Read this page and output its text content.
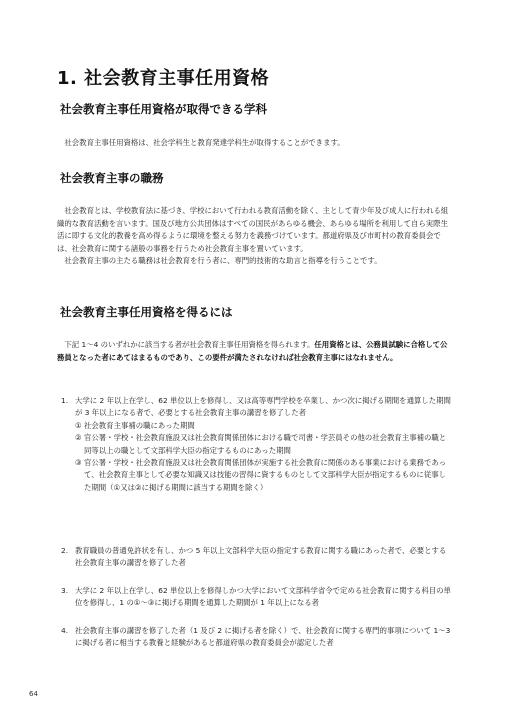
1. 社会教育主事任用資格
社会教育主事任用資格が取得できる学科

社会教育主事任用資格は、社会学科生と教育発達学科生が取得することができます。

社会教育主事の職務

社会教育とは、学校教育法に基づき、学校において行われる教育活動を除く、主として青少年及び成人に行われる組織的な教育活動を言います。国及び地方公共団体はすべての国民があらゆる機会、あらゆる場所を利用して自ら実際生活に即する文化的教養を高め得るように環境を整える努力を義務づけています。都道府県及び市町村の教育委員会では、社会教育に関する諸般の事務を行うため社会教育主事を置いています。

社会教育主事の主たる職務は社会教育を行う者に、専門的技術的な助言と指導を行うことです。

社会教育主事任用資格を得るには

下記 1～4 のいずれかに該当する者が社会教育主事任用資格を得られます。任用資格とは、公務員試験に合格して公務員となった者にあてはまるものであり、この要件が満たされなければ社会教育主事にはなれません。

1. 大学に 2 年以上在学し、62 単位以上を修得し、又は高等専門学校を卒業し、かつ次に掲げる期間を通算した期間が 3 年以上になる者で、必要とする社会教育主事の講習を修了した者
① 社会教育主事補の職にあった期間
② 官公署・学校・社会教育施設又は社会教育関係団体における職で司書・学芸員その他の社会教育主事補の職と同等以上の職として文部科学大臣の指定するものにあった期間
③ 官公署・学校・社会教育施設又は社会教育関係団体が実施する社会教育に関係のある事業における業務であって、社会教育主事として必要な知識又は技能の習得に資するものとして文部科学大臣が指定するものに従事した期間（①又は②に掲げる期間に該当する期間を除く）
2. 教育職員の普通免許状を有し、かつ 5 年以上文部科学大臣の指定する教育に関する職にあった者で、必要とする社会教育主事の講習を修了した者
3. 大学に 2 年以上在学し、62 単位以上を修得しかつ大学において文部科学省令で定める社会教育に関する科目の単位を修得し、1 の①～③に掲げる期間を通算した期間が 1 年以上になる者
4. 社会教育主事の講習を修了した者（1 及び 2 に掲げる者を除く）で、社会教育に関する専門的事項について 1～3 に掲げる者に相当する教養と経験があると都道府県の教育委員会が認定した者
64
